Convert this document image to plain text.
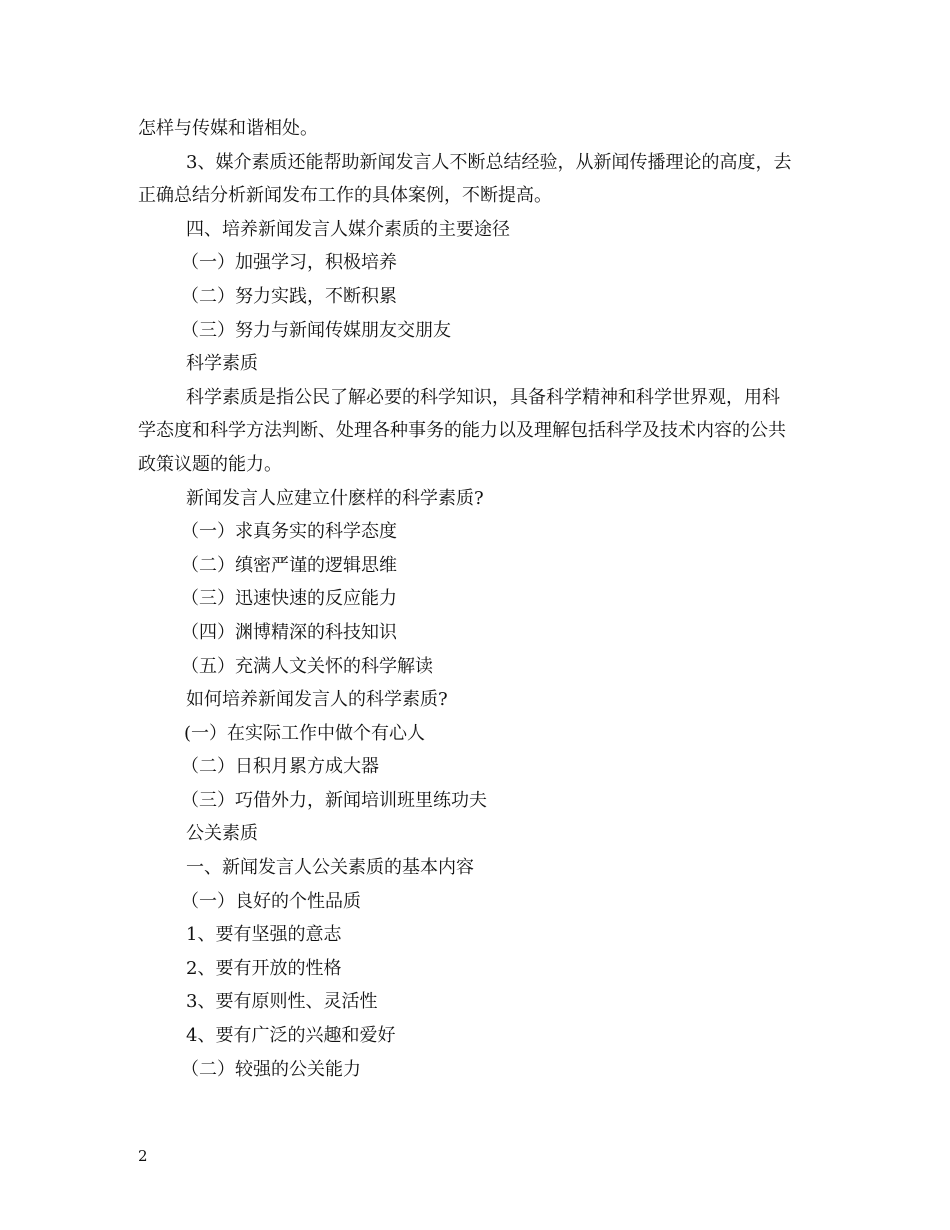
怎样与传媒和谐相处。
3、媒介素质还能帮助新闻发言人不断总结经验，从新闻传播理论的高度，去
正确总结分析新闻发布工作的具体案例，不断提高。
四、培养新闻发言人媒介素质的主要途径
（一）加强学习，积极培养
（二）努力实践，不断积累
（三）努力与新闻传媒朋友交朋友
科学素质
科学素质是指公民了解必要的科学知识，具备科学精神和科学世界观，用科
学态度和科学方法判断、处理各种事务的能力以及理解包括科学及技术内容的公共
政策议题的能力。
新闻发言人应建立什麽样的科学素质?
（一）求真务实的科学态度
（二）缜密严谨的逻辑思维
（三）迅速快速的反应能力
（四）渊博精深的科技知识
（五）充满人文关怀的科学解读
如何培养新闻发言人的科学素质?
(一）在实际工作中做个有心人
（二）日积月累方成大器
（三）巧借外力，新闻培训班里练功夫
公关素质
一、新闻发言人公关素质的基本内容
（一）良好的个性品质
1、要有坚强的意志
2、要有开放的性格
3、要有原则性、灵活性
4、要有广泛的兴趣和爱好
（二）较强的公关能力
2
